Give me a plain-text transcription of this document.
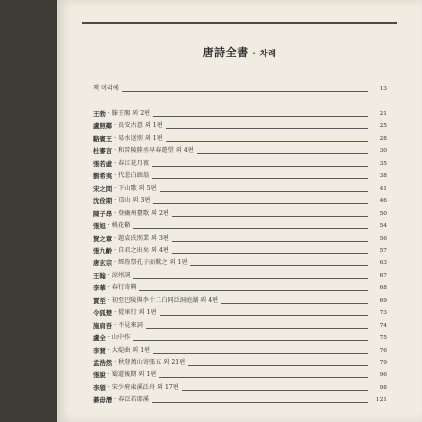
唐詩全書 · 차례
책 머리에	13
王勃 · 滕王閣 외 2편	21
盧照鄰 · 長安古意 외 1편	25
駱賓王 · 易水送別 외 1편	28
杜審言 · 和晉陵陸丞早春遊望 외 4편	30
張若虛 · 春江花月夜	35
劉希夷 · 代悲白頭翁	38
宋之問 · 下山歌 외 5편	41
沈佺期 · 邙山 외 3편	46
陳子昂 · 登幽州臺歌 외 2편	50
張旭 · 桃花谿	54
賀之章 · 題袁氏別業 외 3편	56
張九齡 · 自君之出矣 외 4편	57
唐玄宗 · 經魯祭孔子而歎之 외 1편	63
王翰 · 涼州詞	67
李華 · 春行寄興	68
賈至 · 初至巴陵與李十二白同泛洞庭湖 외 4편	69
令狐楚 · 從軍行 외 1편	73
施肩吾 · 不見來詞	74
盧全 · 山中作	75
李賀 · 大堤曲 외 1편	76
孟浩然 · 秋登萬山寄張五 외 21편	79
張說 · 蜀道後期 외 1편	96
李頎 · 宋少府東溪泛舟 외 17편	98
綦毋潛 · 春泛若耶溪	121
